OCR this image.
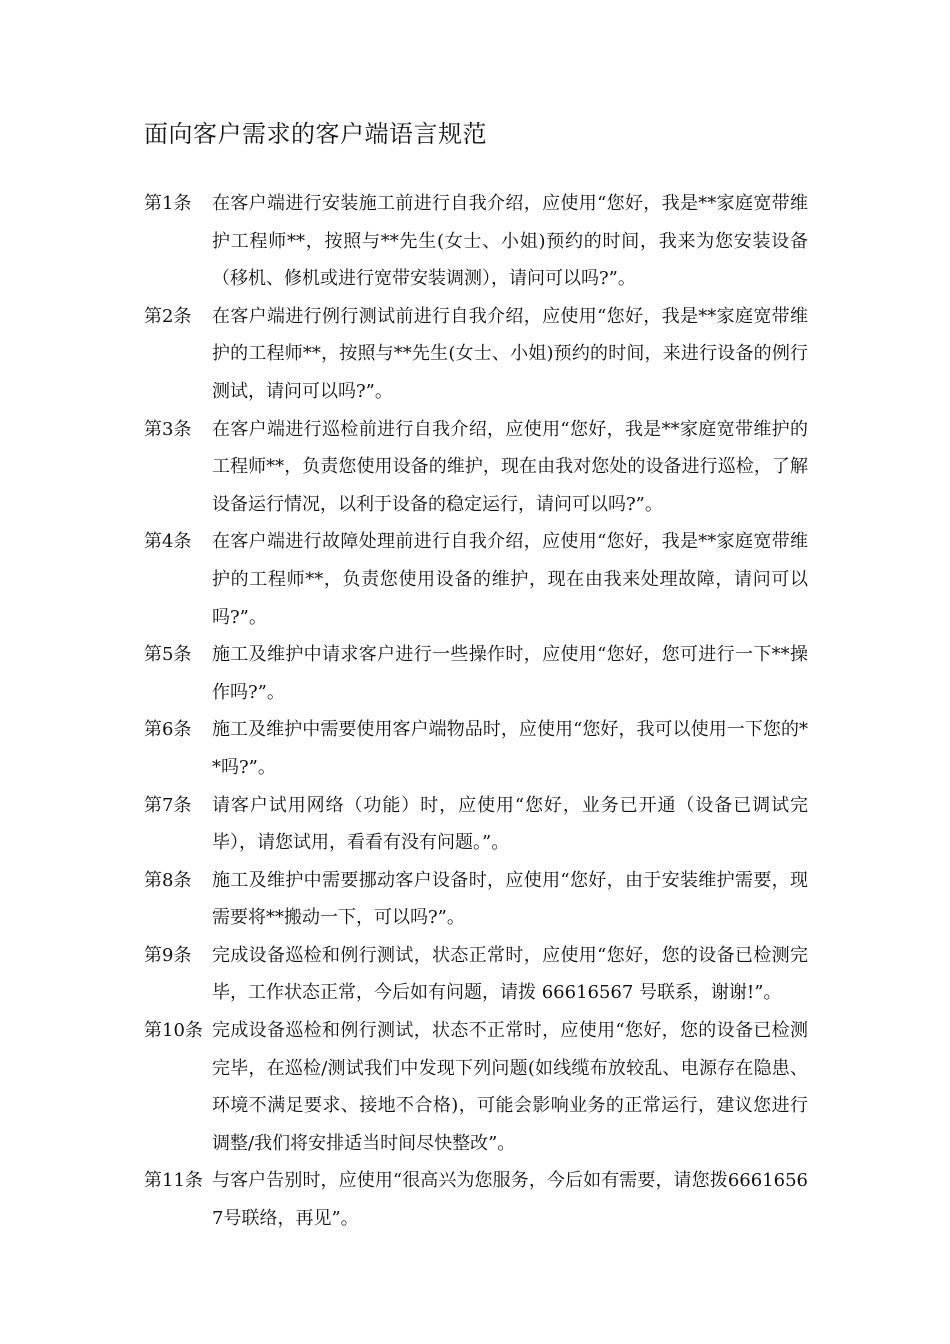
面向客户需求的客户端语言规范
第1条	在客户端进行安装施工前进行自我介绍，应使用“您好，我是**家庭宽带维护工程师**，按照与**先生(女士、小姐)预约的时间，我来为您安装设备（移机、修机或进行宽带安装调测），请问可以吗?”。
第2条	在客户端进行例行测试前进行自我介绍，应使用“您好，我是**家庭宽带维护的工程师**，按照与**先生(女士、小姐)预约的时间，来进行设备的例行测试，请问可以吗?”。
第3条	在客户端进行巡检前进行自我介绍，应使用“您好，我是**家庭宽带维护的工程师**，负责您使用设备的维护，现在由我对您处的设备进行巡检，了解设备运行情况，以利于设备的稳定运行，请问可以吗?”。
第4条	在客户端进行故障处理前进行自我介绍，应使用“您好，我是**家庭宽带维护的工程师**，负责您使用设备的维护，现在由我来处理故障，请问可以吗?”。
第5条	施工及维护中请求客户进行一些操作时，应使用“您好，您可进行一下**操作吗?”。
第6条	施工及维护中需要使用客户端物品时，应使用“您好，我可以使用一下您的**吗?”。
第7条	请客户试用网络（功能）时，应使用“您好，业务已开通（设备已调试完毕），请您试用，看看有没有问题。”。
第8条	施工及维护中需要挪动客户设备时，应使用“您好，由于安装维护需要，现需要将**搬动一下，可以吗?”。
第9条	完成设备巡检和例行测试，状态正常时，应使用“您好，您的设备已检测完毕，工作状态正常，今后如有问题，请拨 66616567 号联系，谢谢!”。
第10条 完成设备巡检和例行测试，状态不正常时，应使用“您好，您的设备已检测完毕，在巡检/测试我们中发现下列问题(如线缆布放较乱、电源存在隐患、环境不满足要求、接地不合格)，可能会影响业务的正常运行，建议您进行调整/我们将安排适当时间尽快整改”。
第11条 与客户告别时，应使用“很高兴为您服务，今后如有需要，请您拨66616567号联络，再见”。
